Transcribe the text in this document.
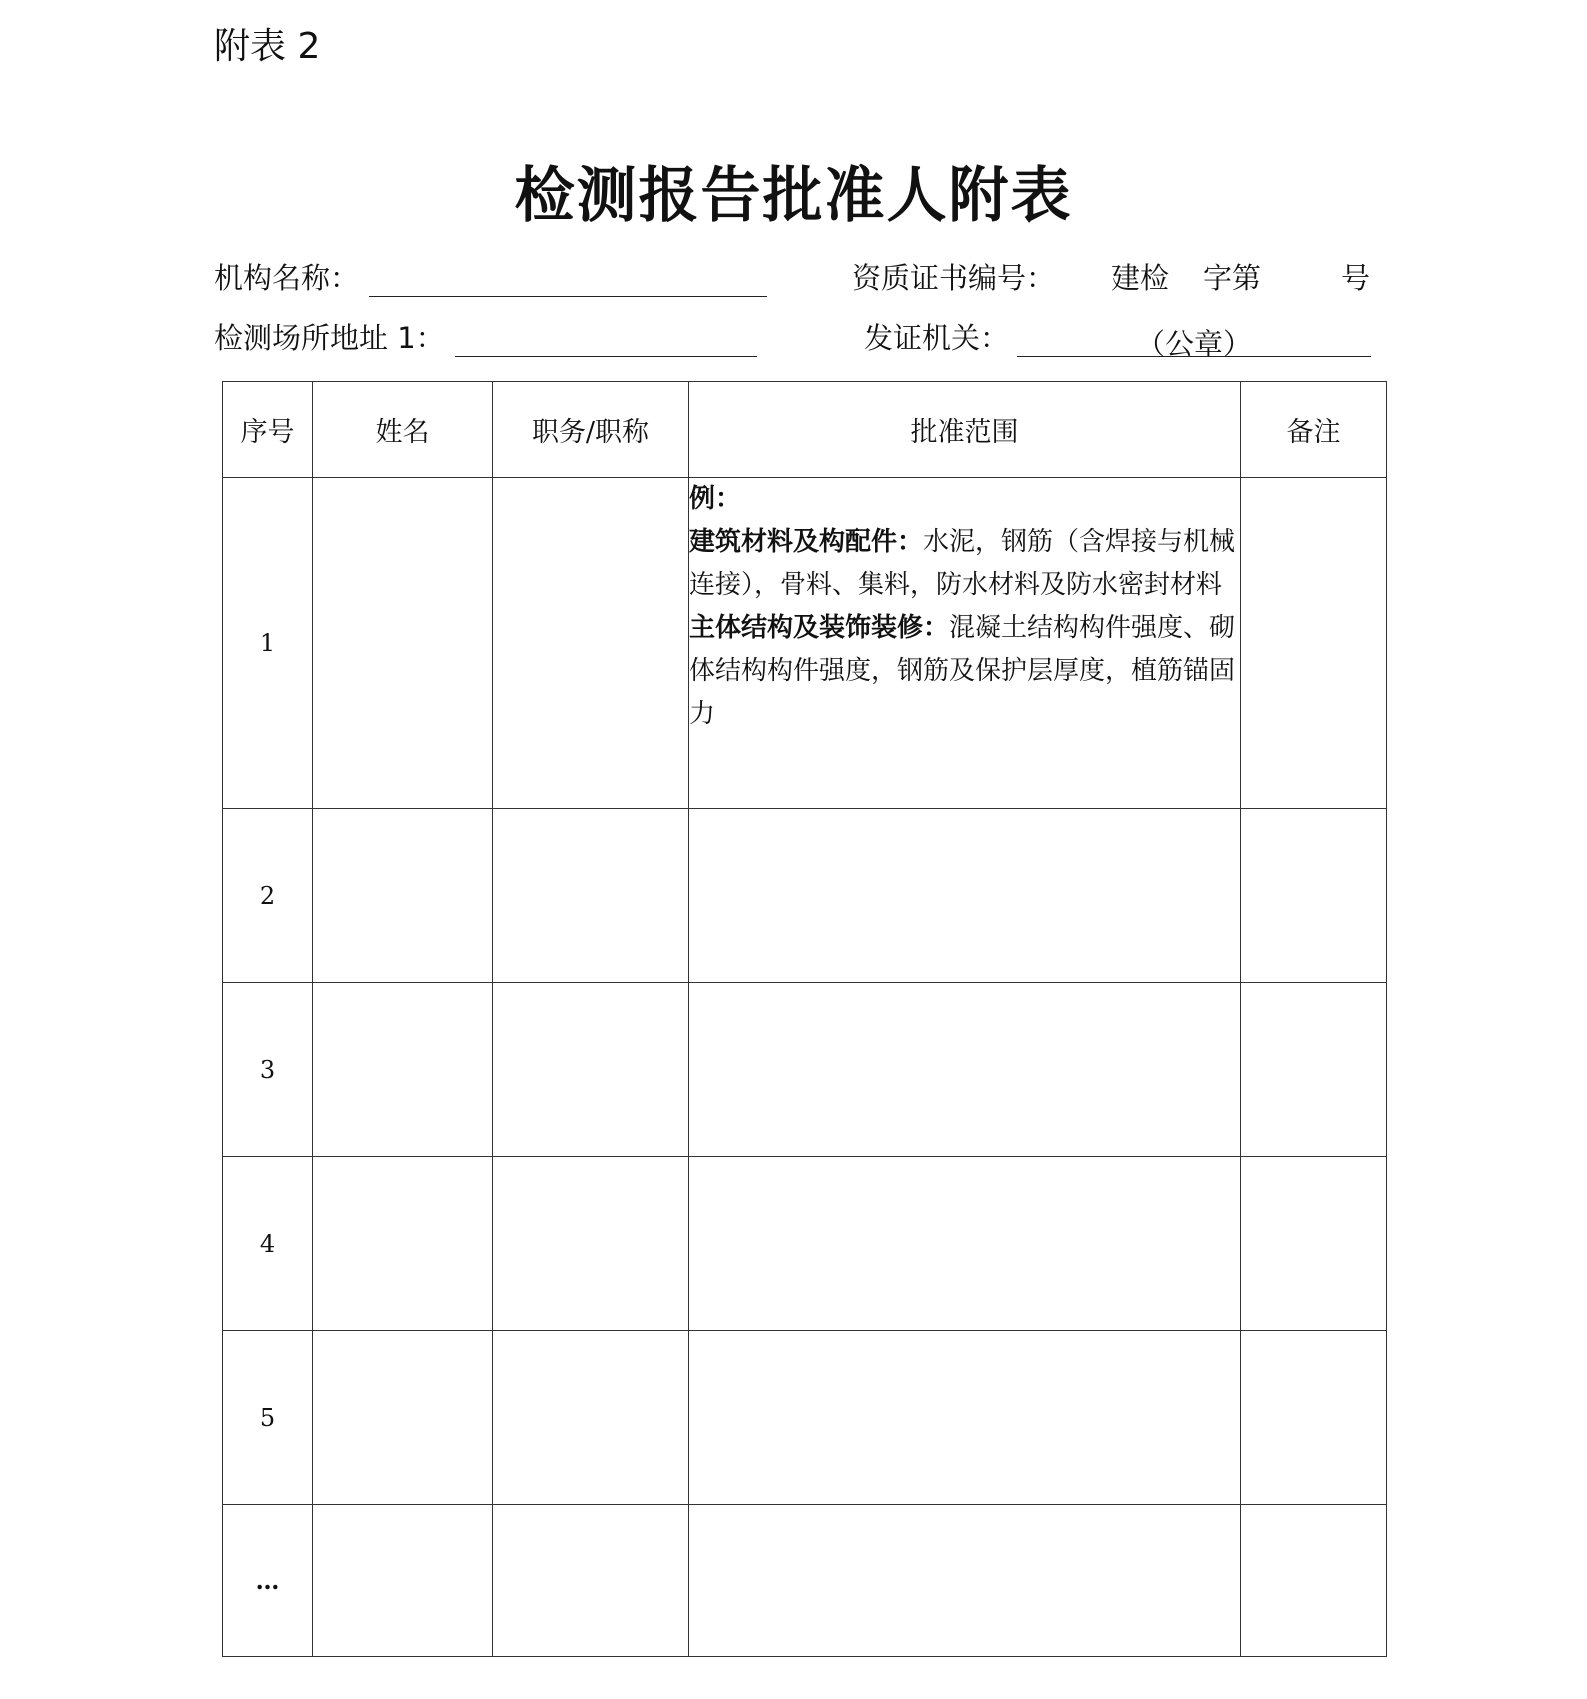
附表 2
检测报告批准人附表
机构名称：	资质证书编号： 建检 字第	号
检测场所地址 1：	发证机关：	（公章）
序号	姓名	职务/职称	批准范围	备注
1			例：
建筑材料及构配件：水泥，钢筋（含焊接与机械连接），骨料、集料，防水材料及防水密封材料
主体结构及装饰装修：混凝土结构构件强度、砌体结构构件强度，钢筋及保护层厚度，植筋锚固力	
2				
3				
4				
5				
…				
